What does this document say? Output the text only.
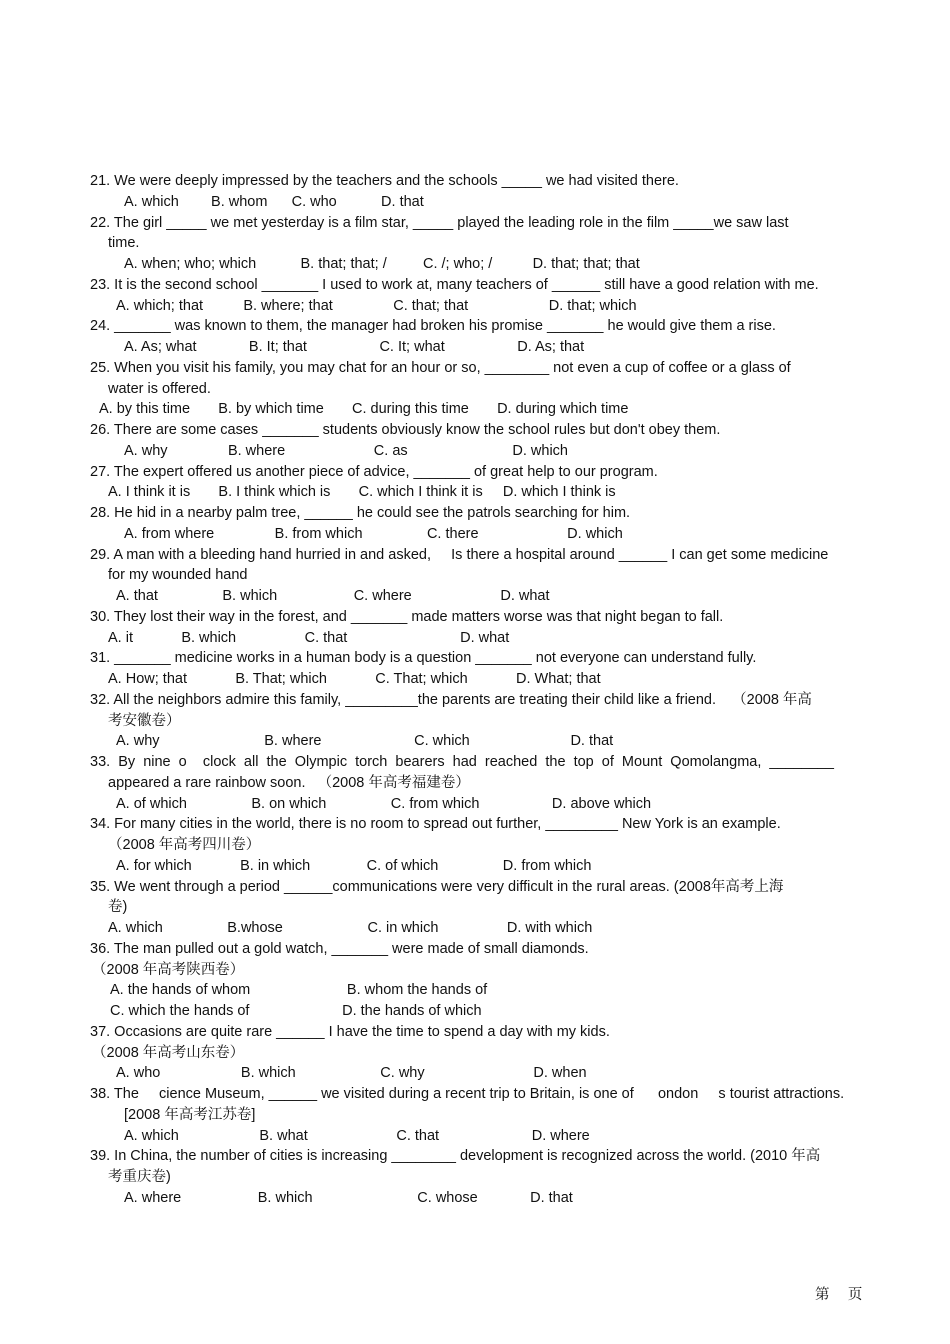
21. We were deeply impressed by the teachers and the schools _____ we had visited there.
A. which        B. whom      C. who           D. that
22. The girl _____ we met yesterday is a film star, _____ played the leading role in the film _____we saw last
time.
A. when; who; which           B. that; that; /         C. /; who; /          D. that; that; that
23. It is the second school _______ I used to work at, many teachers of ______ still have a good relation with me.
A. which; that          B. where; that               C. that; that                    D. that; which
24. _______ was known to them, the manager had broken his promise _______ he would give them a rise.
A. As; what             B. It; that                  C. It; what                  D. As; that
25. When you visit his family, you may chat for an hour or so, ________ not even a cup of coffee or a glass of
water is offered.
A. by this time       B. by which time       C. during this time       D. during which time
26. There are some cases _______ students obviously know the school rules but don't obey them.
A. why               B. where                      C. as                          D. which
27. The expert offered us another piece of advice, _______ of great help to our program.
A. I think it is       B. I think which is       C. which I think it is     D. which I think is
28. He hid in a nearby palm tree, ______ he could see the patrols searching for him.
A. from where               B. from which                C. there                      D. which
29. A man with a bleeding hand hurried in and asked,     Is there a hospital around ______ I can get some medicine
for my wounded hand
A. that                B. which                   C. where                      D. what
30. They lost their way in the forest, and _______ made matters worse was that night began to fall.
A. it            B. which                 C. that                            D. what
31. _______ medicine works in a human body is a question _______ not everyone can understand fully.
A. How; that            B. That; which            C. That; which            D. What; that
32. All the neighbors admire this family, _________the parents are treating their child like a friend.    （2008 年高
考安徽卷）
A. why                          B. where                       C. which                         D. that
33.  By  nine  o    clock  all  the  Olympic  torch  bearers  had  reached  the  top  of  Mount  Qomolangma,  ________
appeared a rare rainbow soon.   （2008 年高考福建卷）
A. of which                B. on which                C. from which                  D. above which
34. For many cities in the world, there is no room to spread out further, _________ New York is an example.
（2008 年高考四川卷）
A. for which            B. in which              C. of which                D. from which
35. We went through a period ______communications were very difficult in the rural areas. (2008年高考上海
卷)
A. which                B.whose                     C. in which                 D. with which
36. The man pulled out a gold watch, _______ were made of small diamonds.
（2008 年高考陕西卷）
A. the hands of whom                        B. whom the hands of
C. which the hands of                       D. the hands of which
37. Occasions are quite rare ______ I have the time to spend a day with my kids.
（2008 年高考山东卷）
A. who                    B. which                     C. why                           D. when
38. The     cience Museum, ______ we visited during a recent trip to Britain, is one of      ondon     s tourist attractions.
[2008 年高考江苏卷]
A. which                    B. what                      C. that                       D. where
39. In China, the number of cities is increasing ________ development is recognized across the world. (2010 年高
考重庆卷)
A. where                   B. which                          C. whose             D. that
第    页
